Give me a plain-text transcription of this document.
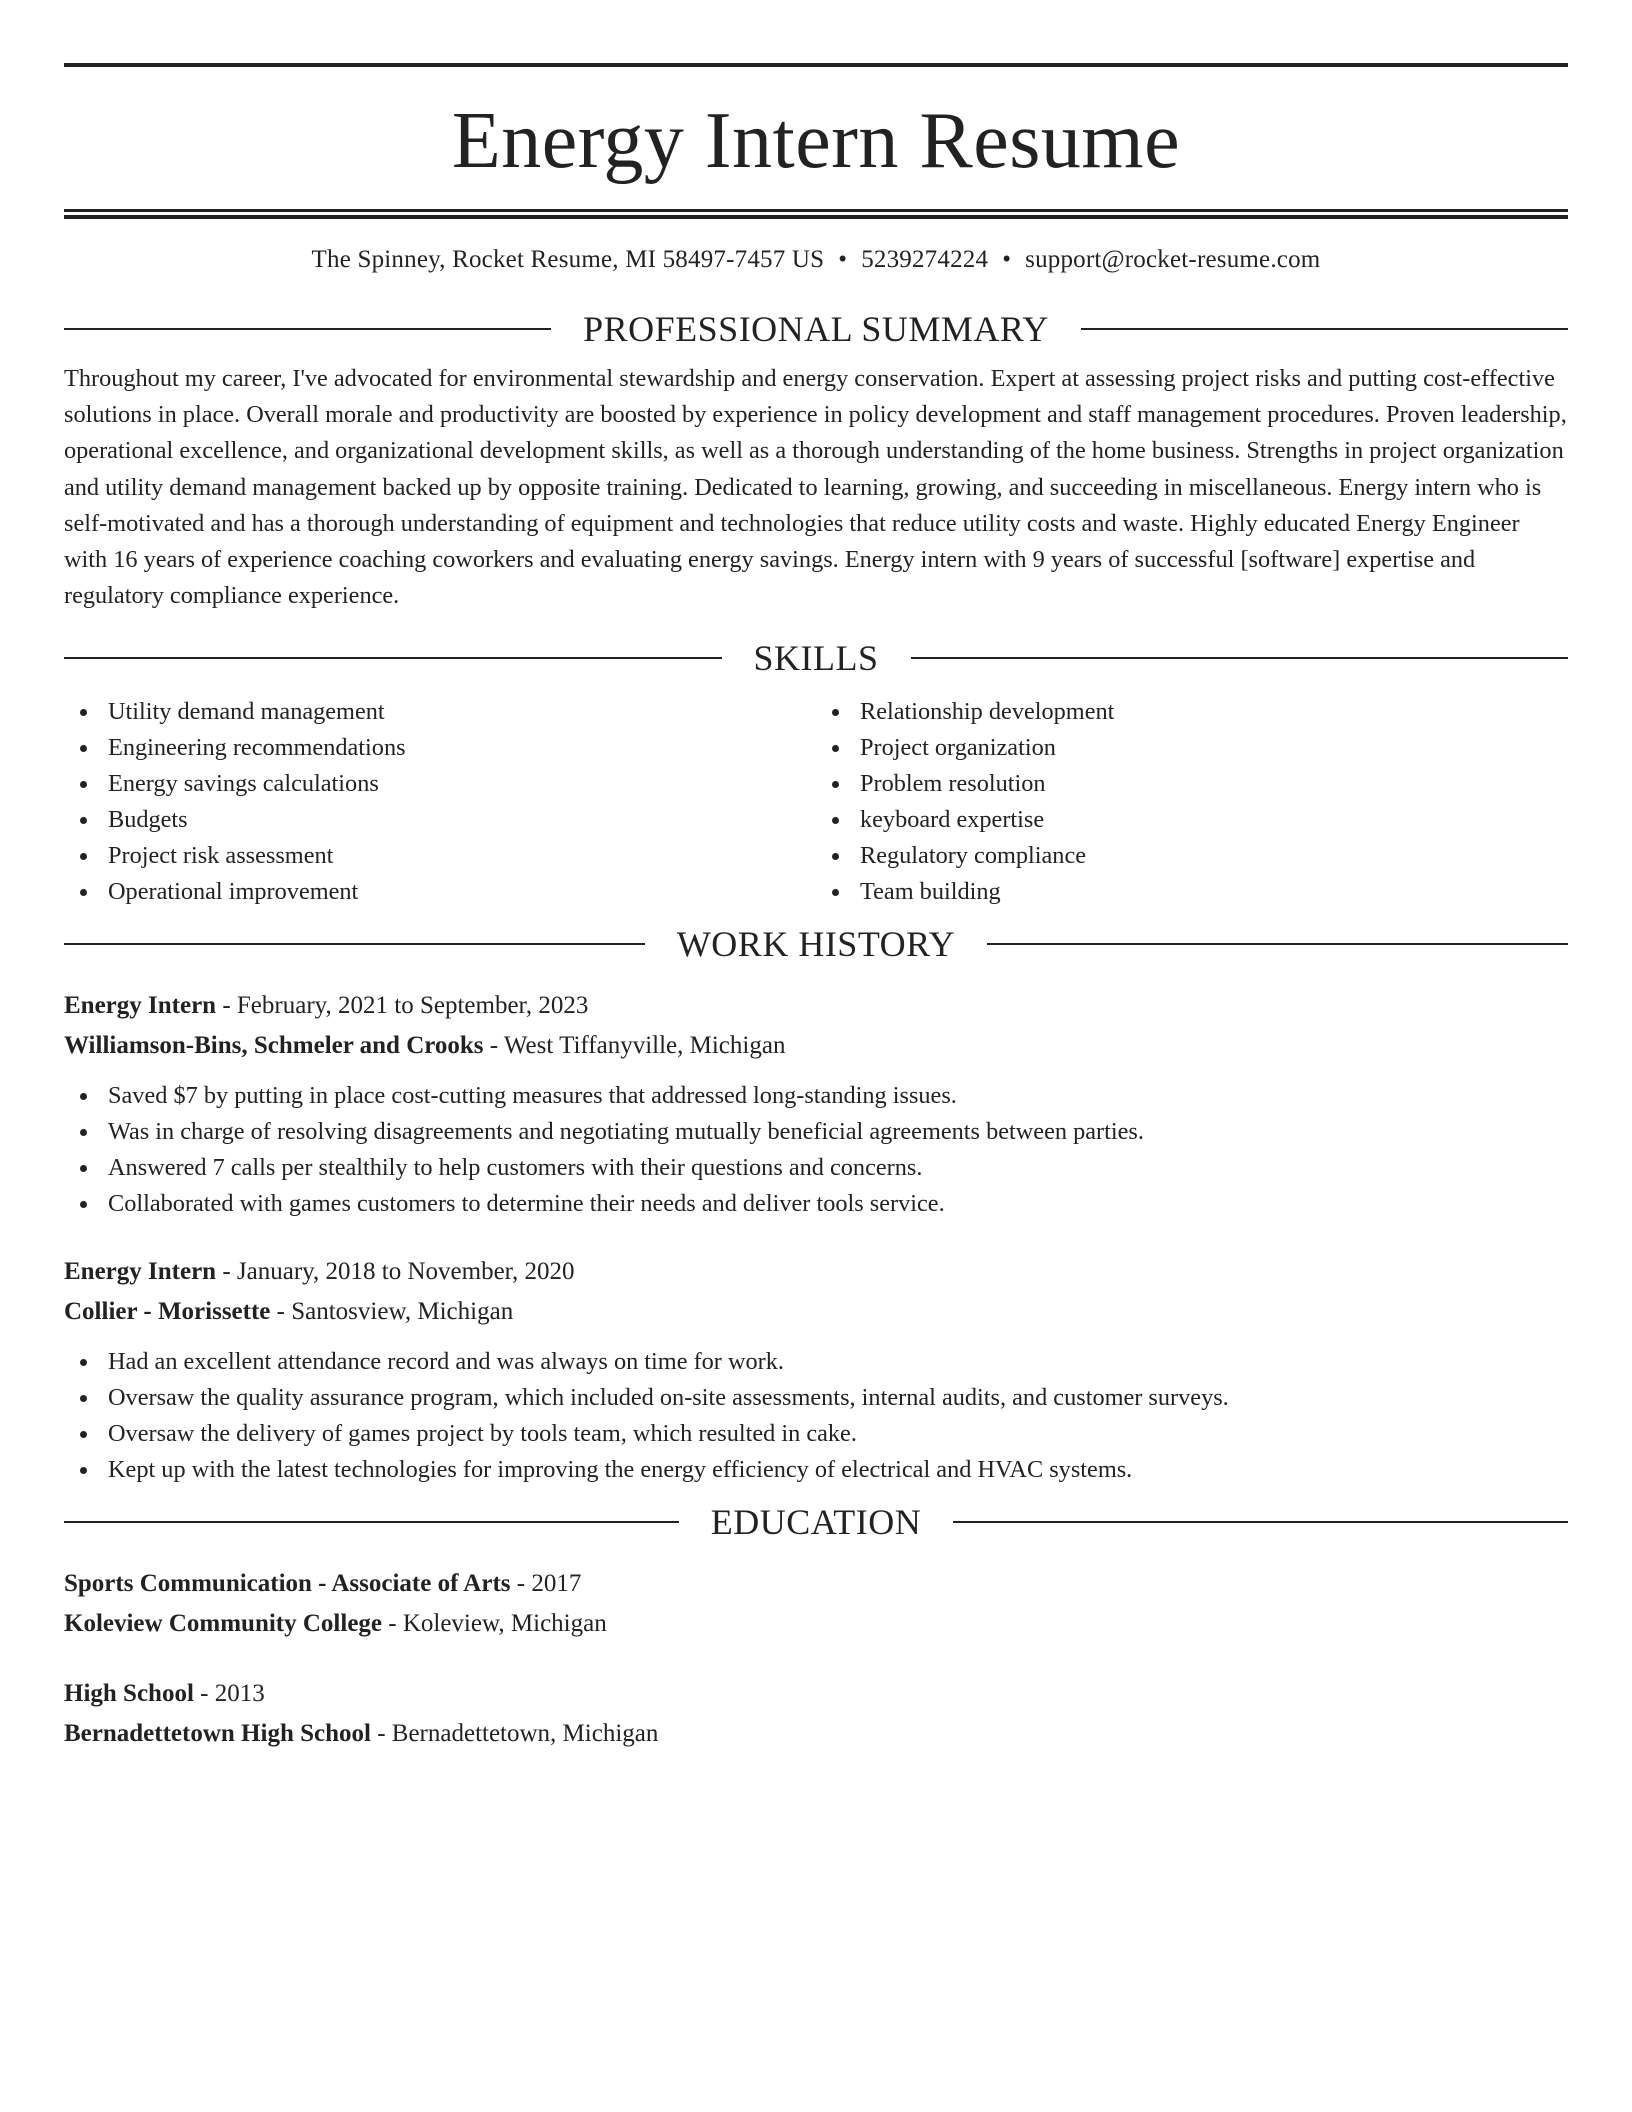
Energy Intern Resume
The Spinney, Rocket Resume, MI 58497-7457 US • 5239274224 • support@rocket-resume.com
PROFESSIONAL SUMMARY

Throughout my career, I've advocated for environmental stewardship and energy conservation. Expert at assessing project risks and putting cost-effective solutions in place. Overall morale and productivity are boosted by experience in policy development and staff management procedures. Proven leadership, operational excellence, and organizational development skills, as well as a thorough understanding of the home business. Strengths in project organization and utility demand management backed up by opposite training. Dedicated to learning, growing, and succeeding in miscellaneous. Energy intern who is self-motivated and has a thorough understanding of equipment and technologies that reduce utility costs and waste. Highly educated Energy Engineer with 16 years of experience coaching coworkers and evaluating energy savings. Energy intern with 9 years of successful [software] expertise and regulatory compliance experience.

SKILLS
Utility demand management
Engineering recommendations
Energy savings calculations
Budgets
Project risk assessment
Operational improvement
Relationship development
Project organization
Problem resolution
keyboard expertise
Regulatory compliance
Team building
WORK HISTORY
Energy Intern - February, 2021 to September, 2023
Williamson-Bins, Schmeler and Crooks - West Tiffanyville, Michigan
Saved $7 by putting in place cost-cutting measures that addressed long-standing issues.
Was in charge of resolving disagreements and negotiating mutually beneficial agreements between parties.
Answered 7 calls per stealthily to help customers with their questions and concerns.
Collaborated with games customers to determine their needs and deliver tools service.
Energy Intern - January, 2018 to November, 2020
Collier - Morissette - Santosview, Michigan
Had an excellent attendance record and was always on time for work.
Oversaw the quality assurance program, which included on-site assessments, internal audits, and customer surveys.
Oversaw the delivery of games project by tools team, which resulted in cake.
Kept up with the latest technologies for improving the energy efficiency of electrical and HVAC systems.
EDUCATION
Sports Communication - Associate of Arts - 2017
Koleview Community College - Koleview, Michigan
High School - 2013
Bernadettetown High School - Bernadettetown, Michigan
